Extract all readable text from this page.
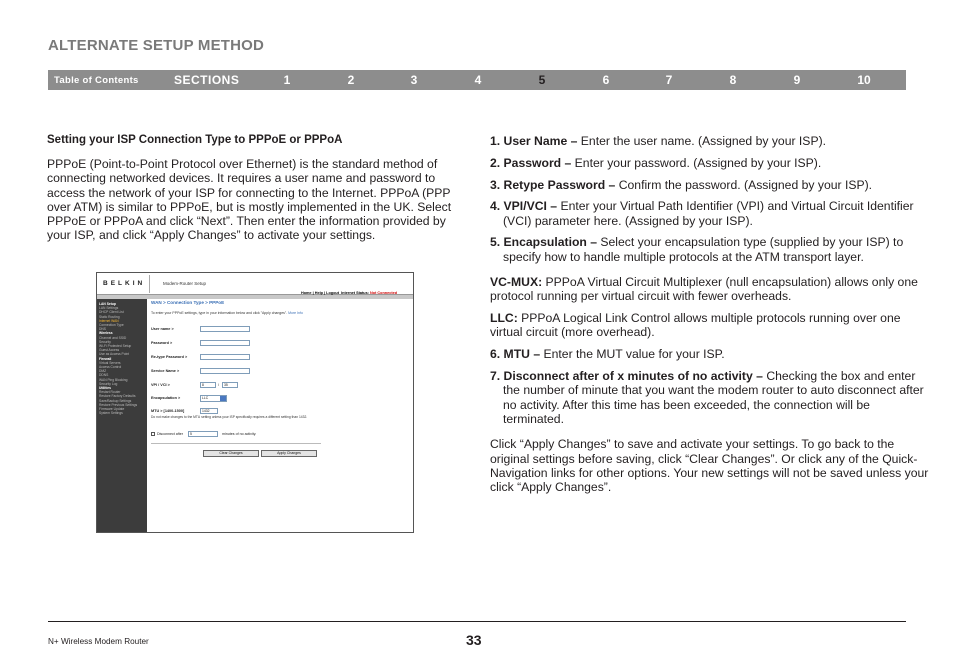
ALTERNATE SETUP METHOD
Table of Contents	SECTIONS	1	2	3	4	5	6	7	8	9	10
Setting your ISP Connection Type to PPPoE or PPPoA
PPPoE (Point-to-Point Protocol over Ethernet) is the standard method of connecting networked devices. It requires a user name and password to access the network of your ISP for connecting to the Internet. PPPoA (PPP over ATM) is similar to PPPoE, but is mostly implemented in the UK. Select PPPoE or PPPoA and click “Next”. Then enter the information provided by your ISP, and click “Apply Changes” to activate your settings.
BELKIN	Modem-Router Setup
Home | Help | Logout Internet Status: Not Connected
LAN Setup
LAN Settings
DHCP Client List
Static Routing
Internet WAN
Connection Type
DNS
Wireless
Channel and SSID
Security
Wi-Fi Protected Setup
Guest Access
Use as Access Point
Firewall
Virtual Servers
Access Control
DMZ
DDNS
WAN Ping Blocking
Security Log
Utilities
Restart Router
Restore Factory Defaults
Save/Backup Settings
Restore Previous Settings
Firmware Update
System Settings
WAN > Connection Type > PPPoE
To enter your PPPoE settings, type in your information below and click "Apply changes". More Info
User name >
Password >
Re-type Password >
Service Name >
VPI / VCI >	8	/	35
Encapsulation >	LLC
MTU > [1400-1500]	1432
Do not make changes to the MTU setting unless your ISP specifically requires a different setting than 1432.
Disconnect after	5	minutes of no activity.
Clear Changes	Apply Changes
1. User Name – Enter the user name. (Assigned by your ISP).
2. Password – Enter your password. (Assigned by your ISP).
3. Retype Password – Confirm the password. (Assigned by your ISP).
4. VPI/VCI – Enter your Virtual Path Identifier (VPI) and Virtual Circuit Identifier (VCI) parameter here. (Assigned by your ISP).
5. Encapsulation – Select your encapsulation type (supplied by your ISP) to specify how to handle multiple protocols at the ATM transport layer.
VC-MUX: PPPoA Virtual Circuit Multiplexer (null encapsulation) allows only one protocol running per virtual circuit with fewer overheads.
LLC: PPPoA Logical Link Control allows multiple protocols running over one virtual circuit (more overhead).
6. MTU – Enter the MUT value for your ISP.
7. Disconnect after of x minutes of no activity – Checking the box and enter the number of minute that you want the modem router to auto disconnect after no activity. After this time has been exceeded, the connection will be terminated.
Click “Apply Changes” to save and activate your settings. To go back to the original settings before saving, click “Clear Changes”. Or click any of the Quick-Navigation links for other options. Your new settings will not be saved unless your click “Apply Changes”.
N+ Wireless Modem Router	33
